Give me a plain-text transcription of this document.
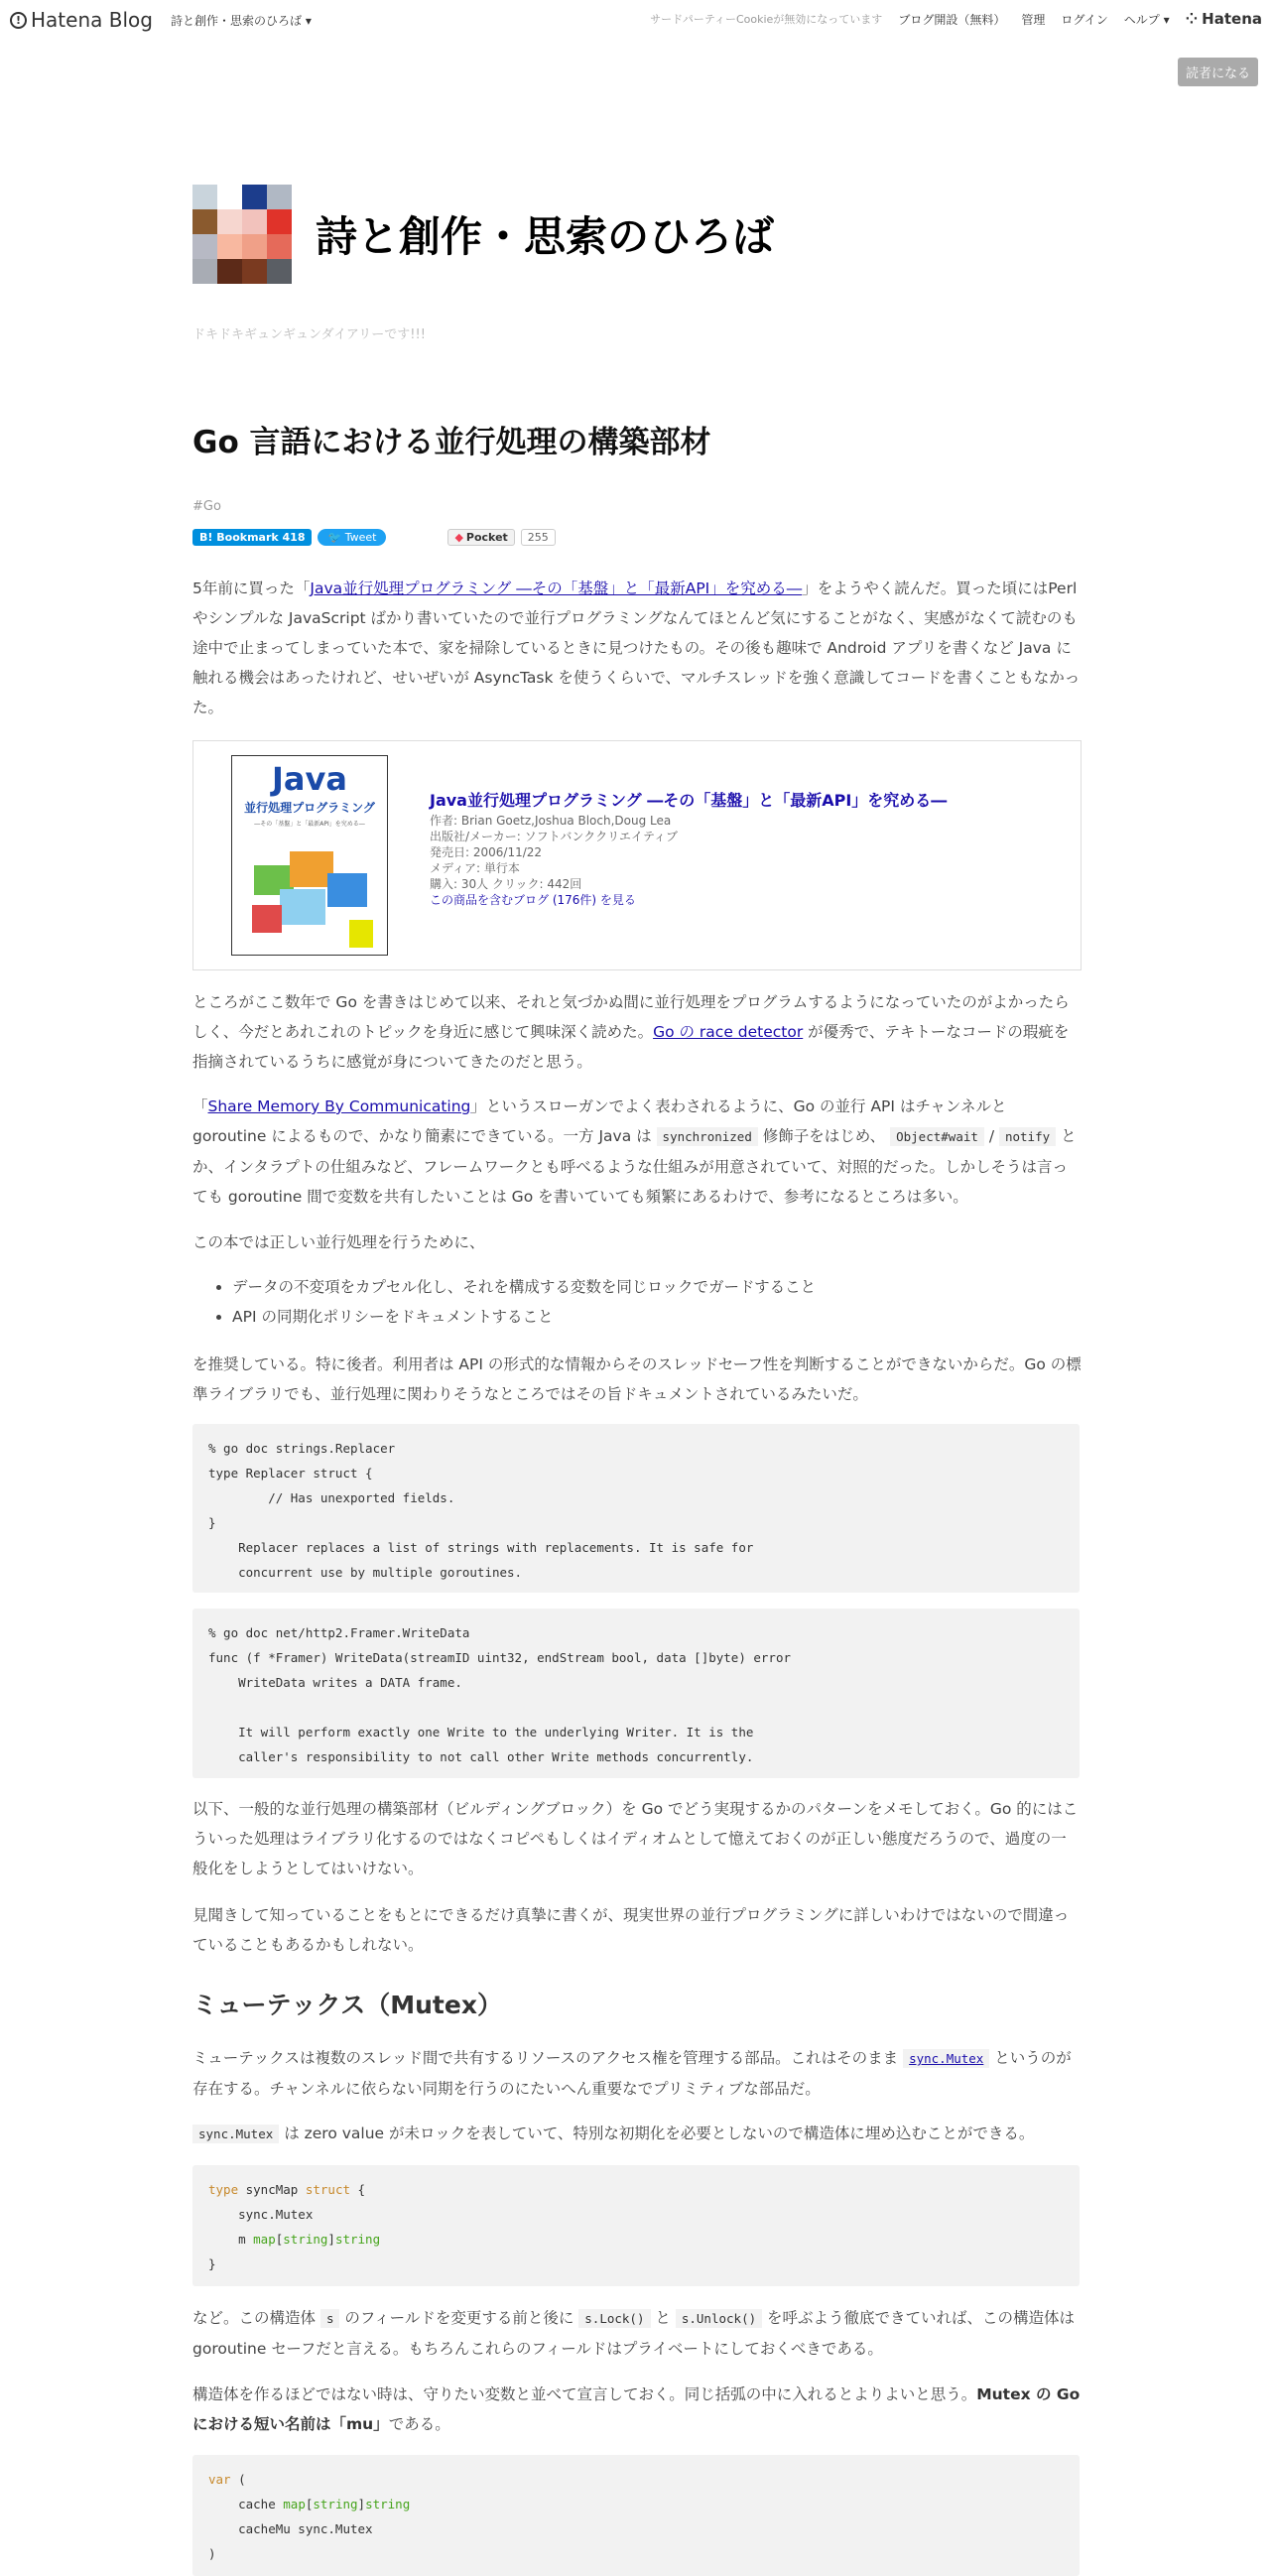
! Hatena Blog 詩と創作・思索のひろば ▾	サードパーティーCookieが無効になっています ブログ開設（無料） 管理 ログイン ヘルプ ▾ ⁘ Hatena
読者になる
詩と創作・思索のひろば
ドキドキギュンギュンダイアリーです!!!
Go 言語における並行処理の構築部材
#Go
B! Bookmark 418	🐦 Tweet	◆ Pocket	255
5年前に買った「Java並行処理プログラミング ―その「基盤」と「最新API」を究める―」をようやく読んだ。買った頃にはPerl やシンプルな JavaScript ばかり書いていたので並行プログラミングなんてほとんど気にすることがなく、実感がなくて読むのも途中で止まってしまっていた本で、家を掃除しているときに見つけたもの。その後も趣味で Android アプリを書くなど Java に触れる機会はあったけれど、せいぜいが AsyncTask を使うくらいで、マルチスレッドを強く意識してコードを書くこともなかった。
Java
並行処理プログラミング
―その「基盤」と「最新API」を究める―
Java並行処理プログラミング ―その「基盤」と「最新API」を究める―
作者: Brian Goetz,Joshua Bloch,Doug Lea
出版社/メーカー: ソフトバンククリエイティブ
発売日: 2006/11/22
メディア: 単行本
購入: 30人 クリック: 442回
この商品を含むブログ (176件) を見る
ところがここ数年で Go を書きはじめて以来、それと気づかぬ間に並行処理をプログラムするようになっていたのがよかったらしく、今だとあれこれのトピックを身近に感じて興味深く読めた。Go の race detector が優秀で、テキトーなコードの瑕疵を指摘されているうちに感覚が身についてきたのだと思う。
「Share Memory By Communicating」というスローガンでよく表わされるように、Go の並行 API はチャンネルと goroutine によるもので、かなり簡素にできている。一方 Java は synchronized 修飾子をはじめ、 Object#wait / notify とか、インタラプトの仕組みなど、フレームワークとも呼べるような仕組みが用意されていて、対照的だった。しかしそうは言っても goroutine 間で変数を共有したいことは Go を書いていても頻繁にあるわけで、参考になるところは多い。
この本では正しい並行処理を行うために、
• データの不変項をカプセル化し、それを構成する変数を同じロックでガードすること
• API の同期化ポリシーをドキュメントすること
を推奨している。特に後者。利用者は API の形式的な情報からそのスレッドセーフ性を判断することができないからだ。Go の標準ライブラリでも、並行処理に関わりそうなところではその旨ドキュメントされているみたいだ。
% go doc strings.Replacer
type Replacer struct {
// Has unexported fields.
}
Replacer replaces a list of strings with replacements. It is safe for
concurrent use by multiple goroutines.
% go doc net/http2.Framer.WriteData
func (f *Framer) WriteData(streamID uint32, endStream bool, data []byte) error
WriteData writes a DATA frame.

It will perform exactly one Write to the underlying Writer. It is the
caller's responsibility to not call other Write methods concurrently.
以下、一般的な並行処理の構築部材（ビルディングブロック）を Go でどう実現するかのパターンをメモしておく。Go 的にはこういった処理はライブラリ化するのではなくコピペもしくはイディオムとして憶えておくのが正しい態度だろうので、過度の一般化をしようとしてはいけない。
見聞きして知っていることをもとにできるだけ真摯に書くが、現実世界の並行プログラミングに詳しいわけではないので間違っていることもあるかもしれない。
ミューテックス（Mutex）
ミューテックスは複数のスレッド間で共有するリソースのアクセス権を管理する部品。これはそのまま sync.Mutex というのが存在する。チャンネルに依らない同期を行うのにたいへん重要なでプリミティブな部品だ。
sync.Mutex は zero value が未ロックを表していて、特別な初期化を必要としないので構造体に埋め込むことができる。
type syncMap struct {
sync.Mutex
m map[string]string
}
など。この構造体 s のフィールドを変更する前と後に s.Lock() と s.Unlock() を呼ぶよう徹底できていれば、この構造体は goroutine セーフだと言える。もちろんこれらのフィールドはプライベートにしておくべきである。
構造体を作るほどではない時は、守りたい変数と並べて宣言しておく。同じ括弧の中に入れるとよりよいと思う。Mutex の Go における短い名前は「mu」である。
var (
cache map[string]string
cacheMu sync.Mutex
)
